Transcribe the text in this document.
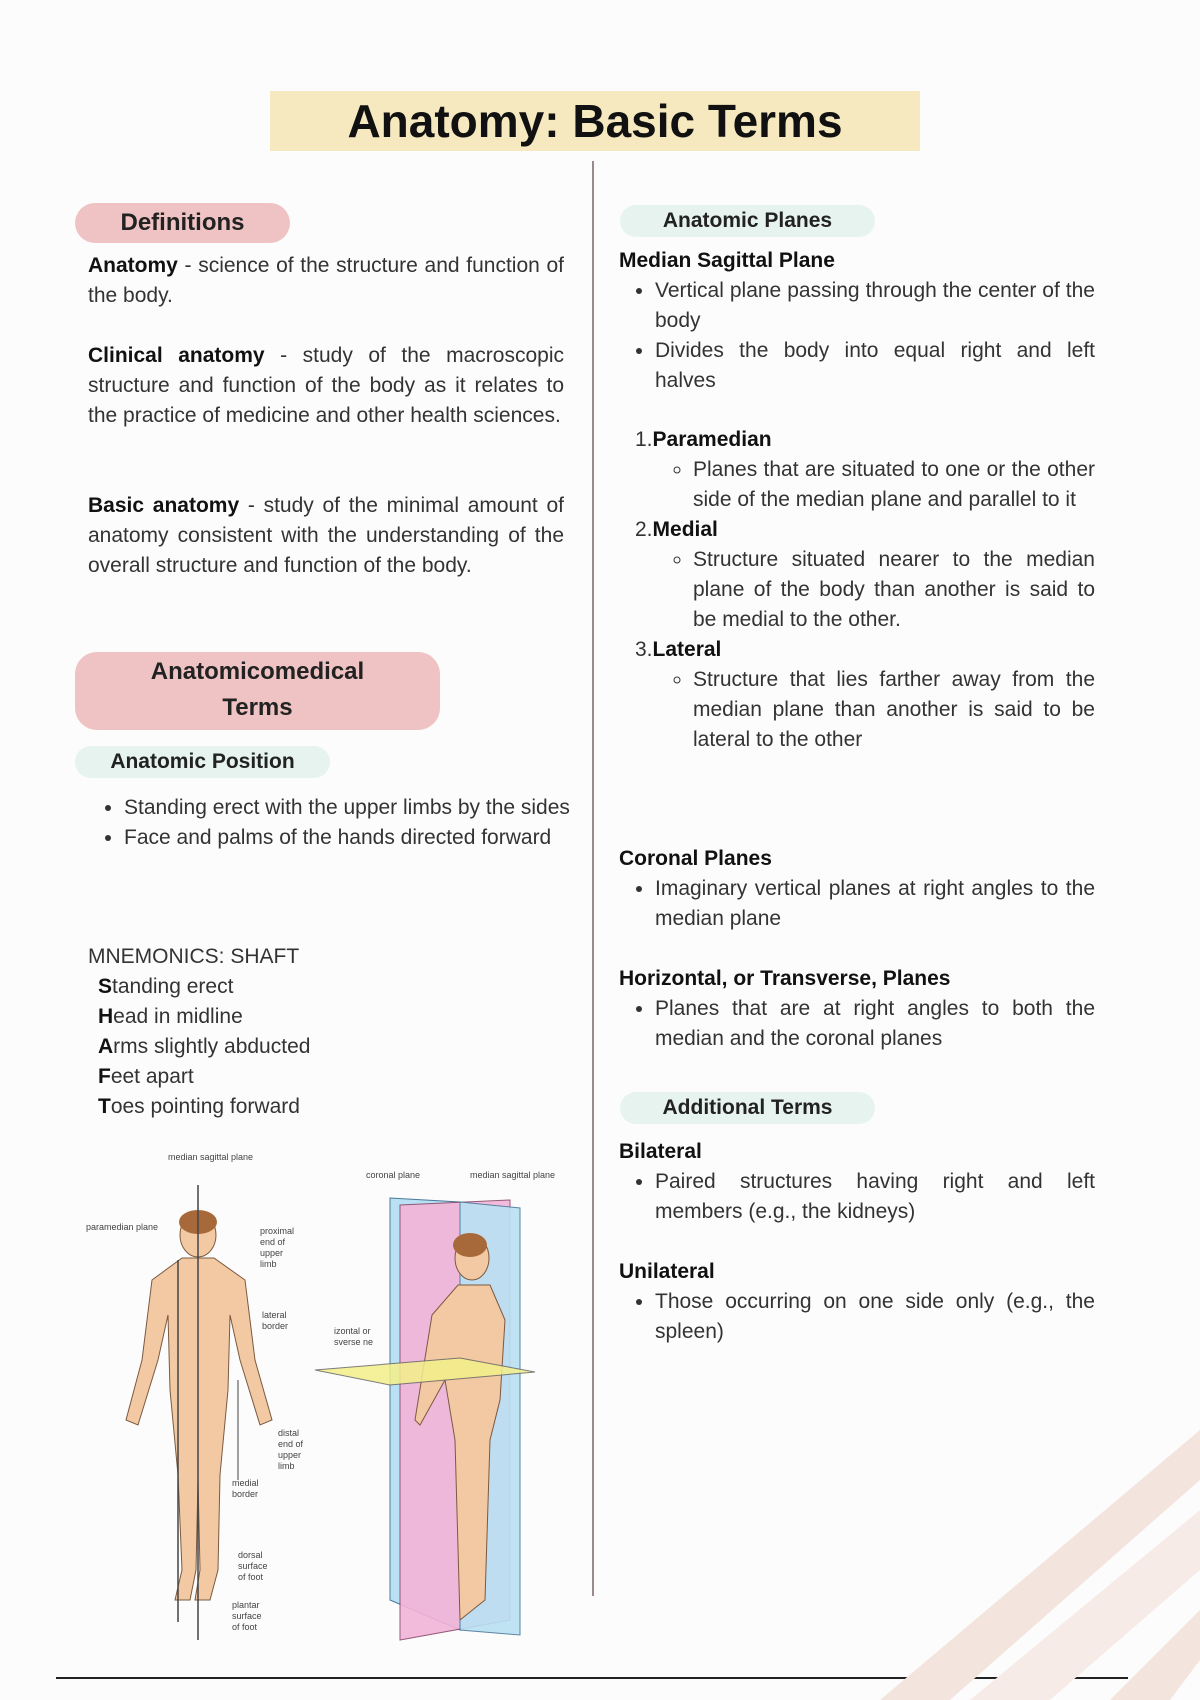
Anatomy: Basic Terms
Definitions
Anatomy - science of the structure and function of the body.
Clinical anatomy - study of the macroscopic structure and function of the body as it relates to the practice of medicine and other health sciences.
Basic anatomy - study of the minimal amount of anatomy consistent with the understanding of the overall structure and function of the body.
Anatomicomedical Terms
Anatomic Position
• Standing erect with the upper limbs by the sides
• Face and palms of the hands directed forward
MNEMONICS: SHAFT
Standing erect
Head in midline
Arms slightly abducted
Feet apart
Toes pointing forward
median sagittal plane
paramedian plane	proximal end of upper limb
lateral border
distal end of upper limb
medial border
dorsal surface of foot
plantar surface of foot
coronal plane	median sagittal plane
izontal or sverse ne
Anatomic Planes
Median Sagittal Plane
• Vertical plane passing through the center of the body
• Divides the body into equal right and left halves
1.Paramedian
◦ Planes that are situated to one or the other side of the median plane and parallel to it
2.Medial
◦ Structure situated nearer to the median plane of the body than another is said to be medial to the other.
3.Lateral
◦ Structure that lies farther away from the median plane than another is said to be lateral to the other
Coronal Planes
• Imaginary vertical planes at right angles to the median plane
Horizontal, or Transverse, Planes
• Planes that are at right angles to both the median and the coronal planes
Additional Terms
Bilateral
• Paired structures having right and left members (e.g., the kidneys)
Unilateral
• Those occurring on one side only (e.g., the spleen)
